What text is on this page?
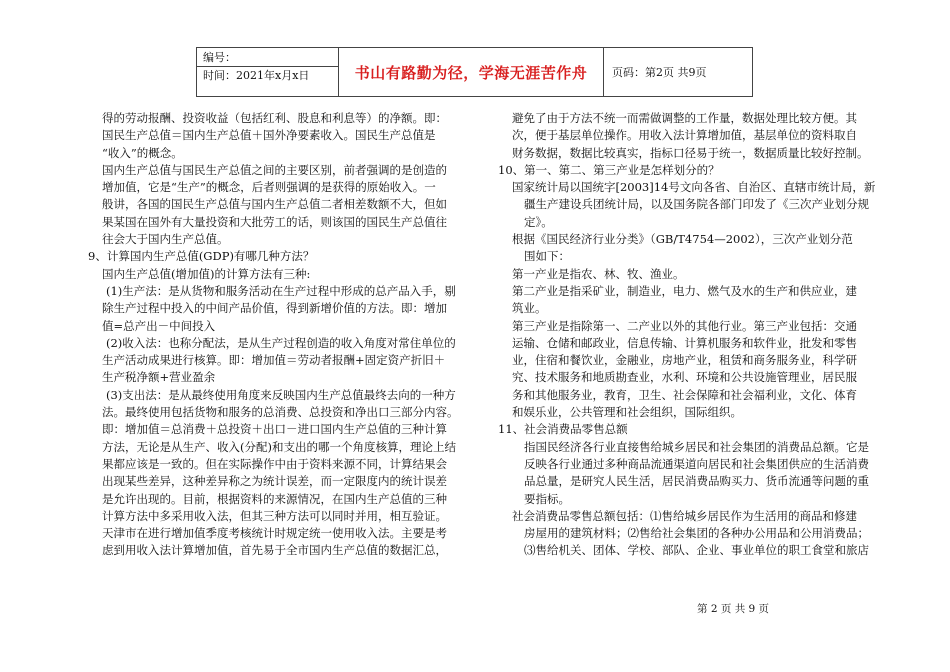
编号：
时间：2021年x月x日	书山有路勤为径，学海无涯苦作舟 页码：第2页 共9页

得的劳动报酬、投资收益（包括红利、股息和利息等）的净额。即：

国民生产总值＝国内生产总值＋国外净要素收入。国民生产总值是

“收入”的概念。

国内生产总值与国民生产总值之间的主要区别，前者强调的是创造的

增加值，它是“生产”的概念，后者则强调的是获得的原始收入。一

般讲，各国的国民生产总值与国内生产总值二者相差数额不大，但如

果某国在国外有大量投资和大批劳工的话，则该国的国民生产总值往

往会大于国内生产总值。

9、计算国内生产总值(GDP)有哪几种方法？

国内生产总值(增加值)的计算方法有三种:

(1)生产法：是从货物和服务活动在生产过程中形成的总产品入手，剔

除生产过程中投入的中间产品价值，得到新增价值的方法。即：增加

值=总产出－中间投入

(2)收入法：也称分配法，是从生产过程创造的收入角度对常住单位的

生产活动成果进行核算。即：增加值＝劳动者报酬+固定资产折旧＋

生产税净额+营业盈余

(3)支出法：是从最终使用角度来反映国内生产总值最终去向的一种方

法。最终使用包括货物和服务的总消费、总投资和净出口三部分内容。

即：增加值＝总消费＋总投资＋出口－进口国内生产总值的三种计算

方法，无论是从生产、收入(分配)和支出的哪一个角度核算，理论上结

果都应该是一致的。但在实际操作中由于资料来源不同，计算结果会

出现某些差异，这种差异称之为统计误差，而一定限度内的统计误差

是允许出现的。目前，根据资料的来源情况，在国内生产总值的三种

计算方法中多采用收入法，但其三种方法可以同时并用，相互验证。

天津市在进行增加值季度考核统计时规定统一使用收入法。主要是考

虑到用收入法计算增加值，首先易于全市国内生产总值的数据汇总，

避免了由于方法不统一而需做调整的工作量，数据处理比较方便。其

次，便于基层单位操作。用收入法计算增加值，基层单位的资料取自

财务数据，数据比较真实，指标口径易于统一，数据质量比较好控制。

10、第一、第二、第三产业是怎样划分的？

国家统计局以国统字[2003]14号文向各省、自治区、直辖市统计局，新

疆生产建设兵团统计局，以及国务院各部门印发了《三次产业划分规

定》。

根据《国民经济行业分类》（GB/T4754—2002），三次产业划分范

围如下：

第一产业是指农、林、牧、渔业。

第二产业是指采矿业，制造业，电力、燃气及水的生产和供应业，建

筑业。

第三产业是指除第一、二产业以外的其他行业。第三产业包括：交通

运输、仓储和邮政业，信息传输、计算机服务和软件业，批发和零售

业，住宿和餐饮业，金融业，房地产业，租赁和商务服务业，科学研

究、技术服务和地质勘查业，水利、环境和公共设施管理业，居民服

务和其他服务业，教育，卫生、社会保障和社会福利业，文化、体育

和娱乐业，公共管理和社会组织，国际组织。

11、社会消费品零售总额

指国民经济各行业直接售给城乡居民和社会集团的消费品总额。它是

反映各行业通过多种商品流通渠道向居民和社会集团供应的生活消费

品总量，是研究人民生活，居民消费品购买力、货币流通等问题的重

要指标。

社会消费品零售总额包括：⑴售给城乡居民作为生活用的商品和修建

房屋用的建筑材料；⑵售给社会集团的各种办公用品和公用消费品；

⑶售给机关、团体、学校、部队、企业、事业单位的职工食堂和旅店

第 2 页 共 9 页
